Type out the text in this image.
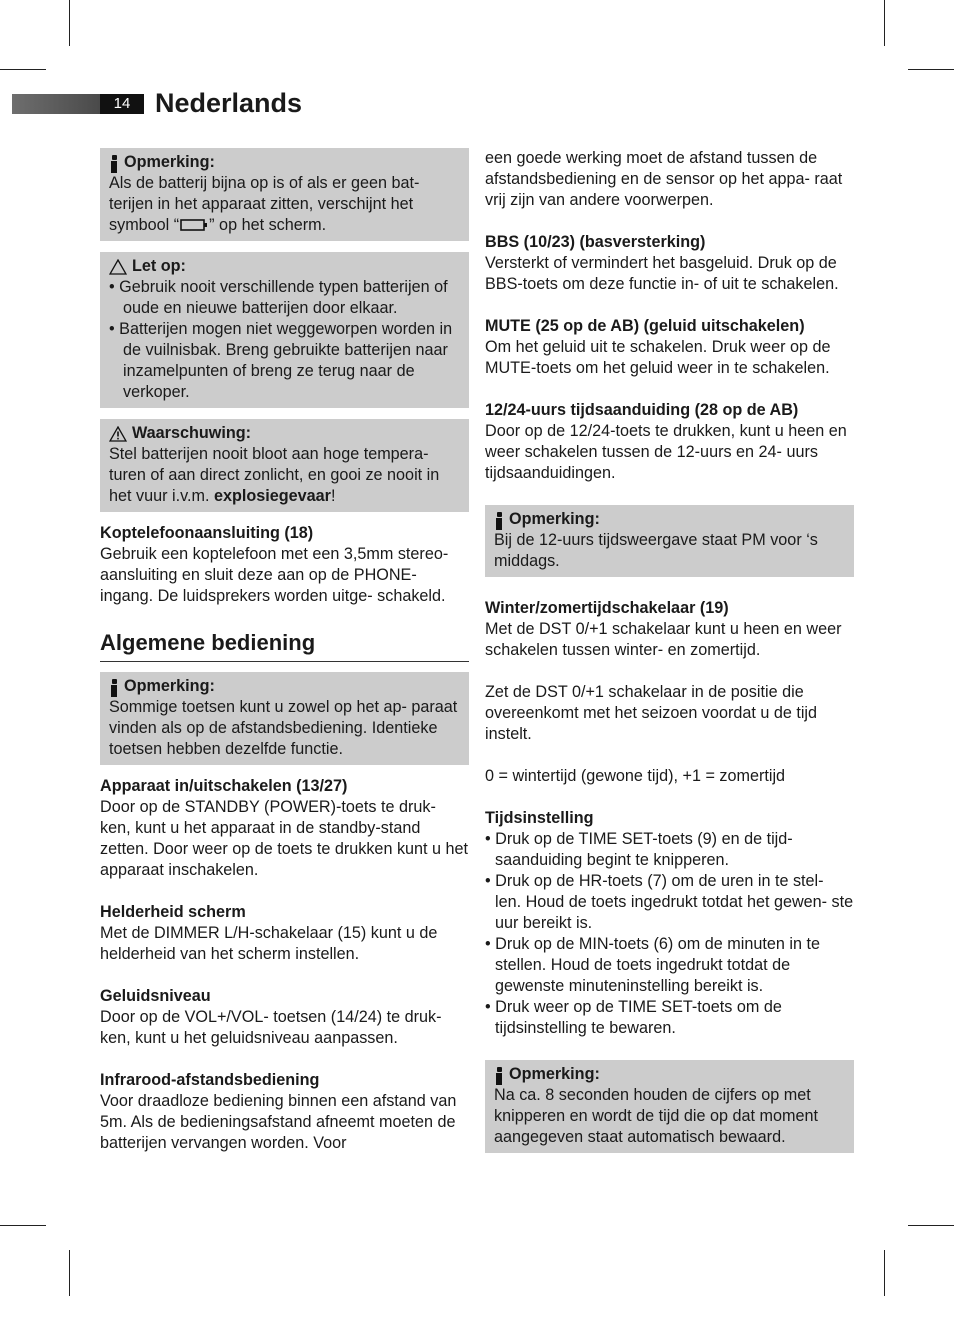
14 Nederlands
Opmerking:

Als de batterij bijna op is of als er geen bat- terijen in het apparaat zitten, verschijnt het symbool “ ” op het scherm.

Let op:
• Gebruik nooit verschillende typen batterijen of oude en nieuwe batterijen door elkaar.
• Batterijen mogen niet weggeworpen worden in de vuilnisbak. Breng gebruikte batterijen naar inzamelpunten of breng ze terug naar de verkoper.
Waarschuwing:

Stel batterijen nooit bloot aan hoge tempera- turen of aan direct zonlicht, en gooi ze nooit in het vuur i.v.m. explosiegevaar!

Koptelefoonaansluiting (18)

Gebruik een koptelefoon met een 3,5mm stereo-aansluiting en sluit deze aan op de PHONE-ingang. De luidsprekers worden uitge- schakeld.

Algemene bediening
Opmerking:

Sommige toetsen kunt u zowel op het ap- paraat vinden als op de afstandsbediening. Identieke toetsen hebben dezelfde functie.

Apparaat in/uitschakelen (13/27)

Door op de STANDBY (POWER)-toets te druk- ken, kunt u het apparaat in de standby-stand zetten. Door weer op de toets te drukken kunt u het apparaat inschakelen.

Helderheid scherm

Met de DIMMER L/H-schakelaar (15) kunt u de helderheid van het scherm instellen.

Geluidsniveau

Door op de VOL+/VOL- toetsen (14/24) te druk- ken, kunt u het geluidsniveau aanpassen.

Infrarood-afstandsbediening

Voor draadloze bediening binnen een afstand van 5m. Als de bedieningsafstand afneemt moeten de batterijen vervangen worden. Voor

een goede werking moet de afstand tussen de afstandsbediening en de sensor op het appa- raat vrij zijn van andere voorwerpen.

BBS (10/23) (basversterking)

Versterkt of vermindert het basgeluid. Druk op de BBS-toets om deze functie in- of uit te schakelen.

MUTE (25 op de AB) (geluid uitschakelen)

Om het geluid uit te schakelen. Druk weer op de MUTE-toets om het geluid weer in te schakelen.

12/24-uurs tijdsaanduiding (28 op de AB)

Door op de 12/24-toets te drukken, kunt u heen en weer schakelen tussen de 12-uurs en 24- uurs tijdsaanduidingen.

Opmerking:

Bij de 12-uurs tijdsweergave staat PM voor ‘s middags.

Winter/zomertijdschakelaar (19)

Met de DST 0/+1 schakelaar kunt u heen en weer schakelen tussen winter- en zomertijd.

Zet de DST 0/+1 schakelaar in de positie die overeenkomt met het seizoen voordat u de tijd instelt.

0 = wintertijd (gewone tijd), +1 = zomertijd

Tijdsinstelling

• Druk op de TIME SET-toets (9) en de tijd- saanduiding begint te knipperen.
• Druk op de HR-toets (7) om de uren in te stel- len. Houd de toets ingedrukt totdat het gewen- ste uur bereikt is.
• Druk op de MIN-toets (6) om de minuten in te stellen. Houd de toets ingedrukt totdat de gewenste minuteninstelling bereikt is.
• Druk weer op de TIME SET-toets om de tijdsinstelling te bewaren.
Opmerking:

Na ca. 8 seconden houden de cijfers op met knipperen en wordt de tijd die op dat moment aangegeven staat automatisch bewaard.
